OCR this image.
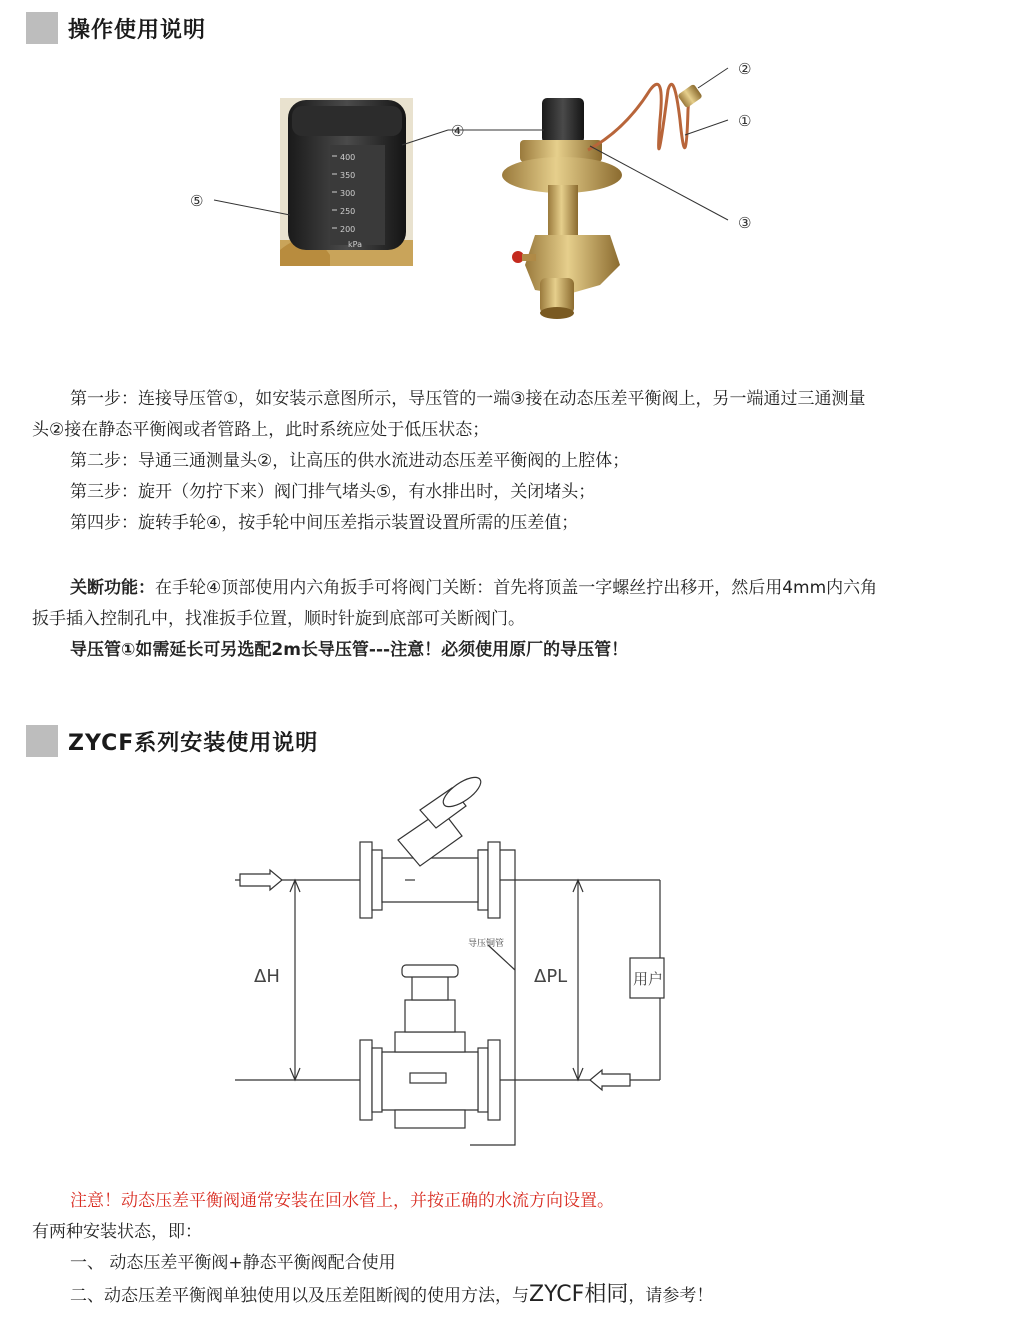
操作使用说明
400
350
300
250
200
kPa
②
①
③
④
⑤
第一步：连接导压管①，如安装示意图所示，导压管的一端③接在动态压差平衡阀上，另一端通过三通测量
头②接在静态平衡阀或者管路上，此时系统应处于低压状态；
第二步：导通三通测量头②，让高压的供水流进动态压差平衡阀的上腔体；
第三步：旋开（勿拧下来）阀门排气堵头⑤，有水排出时，关闭堵头；
第四步：旋转手轮④，按手轮中间压差指示装置设置所需的压差值；
关断功能：在手轮④顶部使用内六角扳手可将阀门关断：首先将顶盖一字螺丝拧出移开，然后用4mm内六角
扳手插入控制孔中，找准扳手位置，顺时针旋到底部可关断阀门。
导压管①如需延长可另选配2m长导压管---注意！必须使用原厂的导压管！
ZYCF系列安装使用说明
ΔH	ΔPL	用户
导压铜管
注意！动态压差平衡阀通常安装在回水管上，并按正确的水流方向设置。
有两种安装状态，即：
一、 动态压差平衡阀+静态平衡阀配合使用
二、动态压差平衡阀单独使用以及压差阻断阀的使用方法，与ZYCF相同，请参考！
